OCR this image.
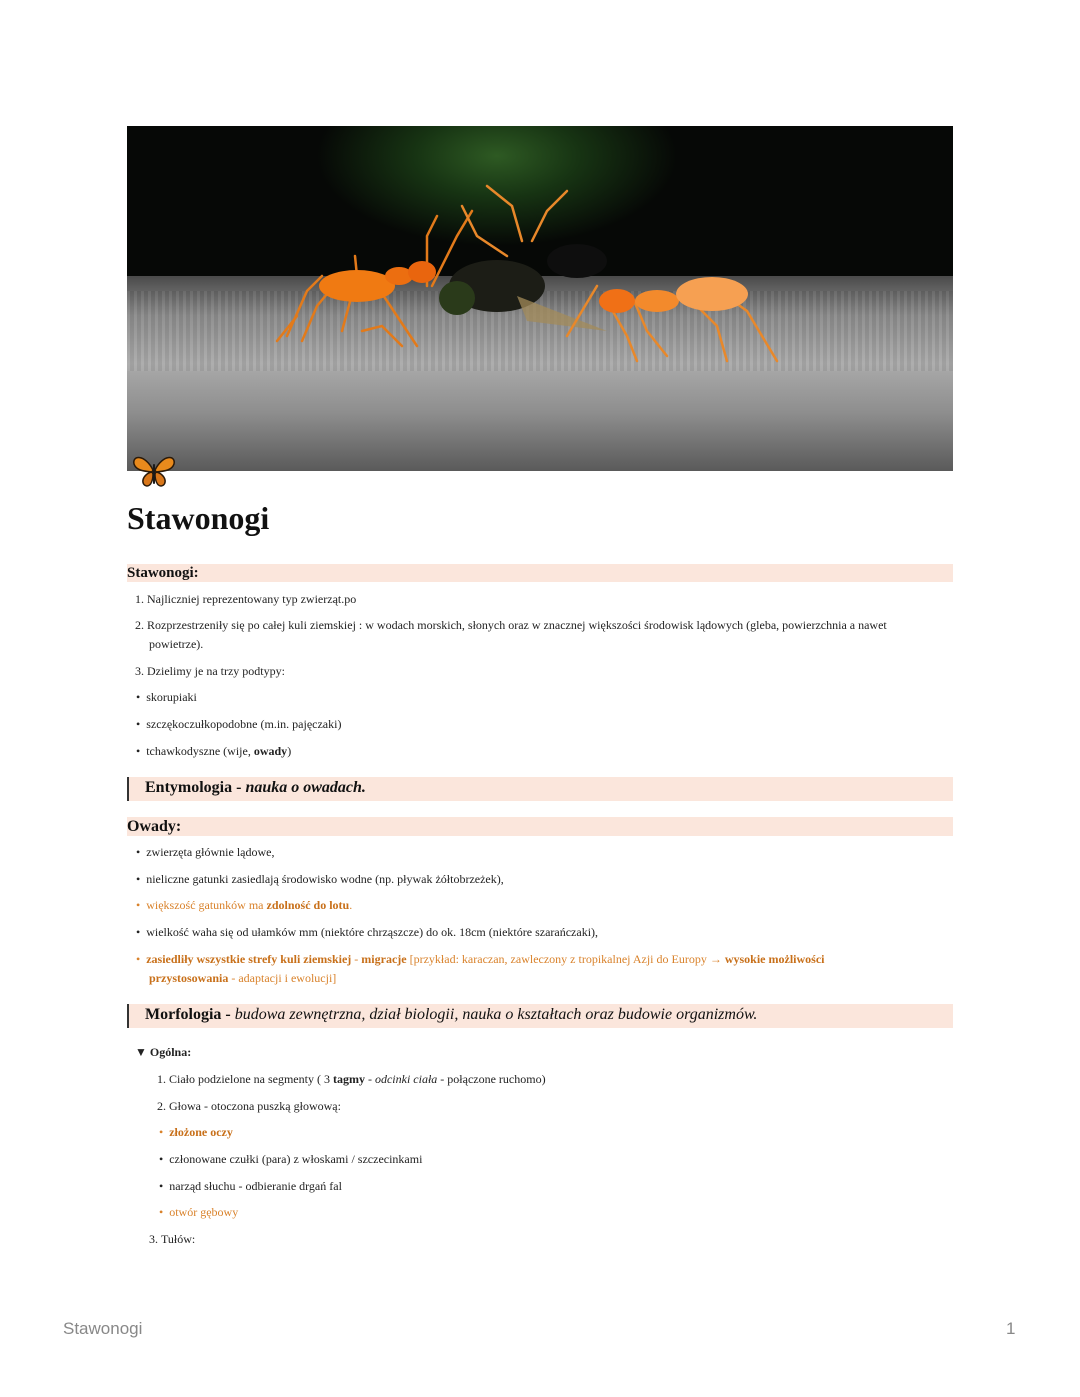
Stawonogi
Stawonogi:
1. Najliczniej reprezentowany typ zwierząt.po
2. Rozprzestrzeniły się po całej kuli ziemskiej : w wodach morskich, słonych oraz w znacznej większości środowisk lądowych (gleba, powierzchnia a nawet
powietrze).
3. Dzielimy je na trzy podtypy:
•  skorupiaki
•  szczękoczułkopodobne (m.in. pajęczaki)
•  tchawkodyszne (wije, owady)
Entymologia - nauka o owadach.
Owady:
•  zwierzęta głównie lądowe,
•  nieliczne gatunki zasiedlają środowisko wodne (np. pływak żółtobrzeżek),
•  większość gatunków ma zdolność do lotu.
•  wielkość waha się od ułamków mm (niektóre chrząszcze) do ok. 18cm (niektóre szarańczaki),
•  zasiedliły wszystkie strefy kuli ziemskiej - migracje [przykład: karaczan, zawleczony z tropikalnej Azji do Europy → wysokie możliwości
przystosowania - adaptacji i ewolucji]
Morfologia - budowa zewnętrzna, dział biologii, nauka o kształtach oraz budowie organizmów.
▼ Ogólna:
1. Ciało podzielone na segmenty ( 3 tagmy - odcinki ciała - połączone ruchomo)
2. Głowa - otoczona puszką głowową:
•  złożone oczy
•  członowane czułki (para) z włoskami / szczecinkami
•  narząd słuchu - odbieranie drgań fal
•  otwór gębowy
3. Tułów:
Stawonogi	1
